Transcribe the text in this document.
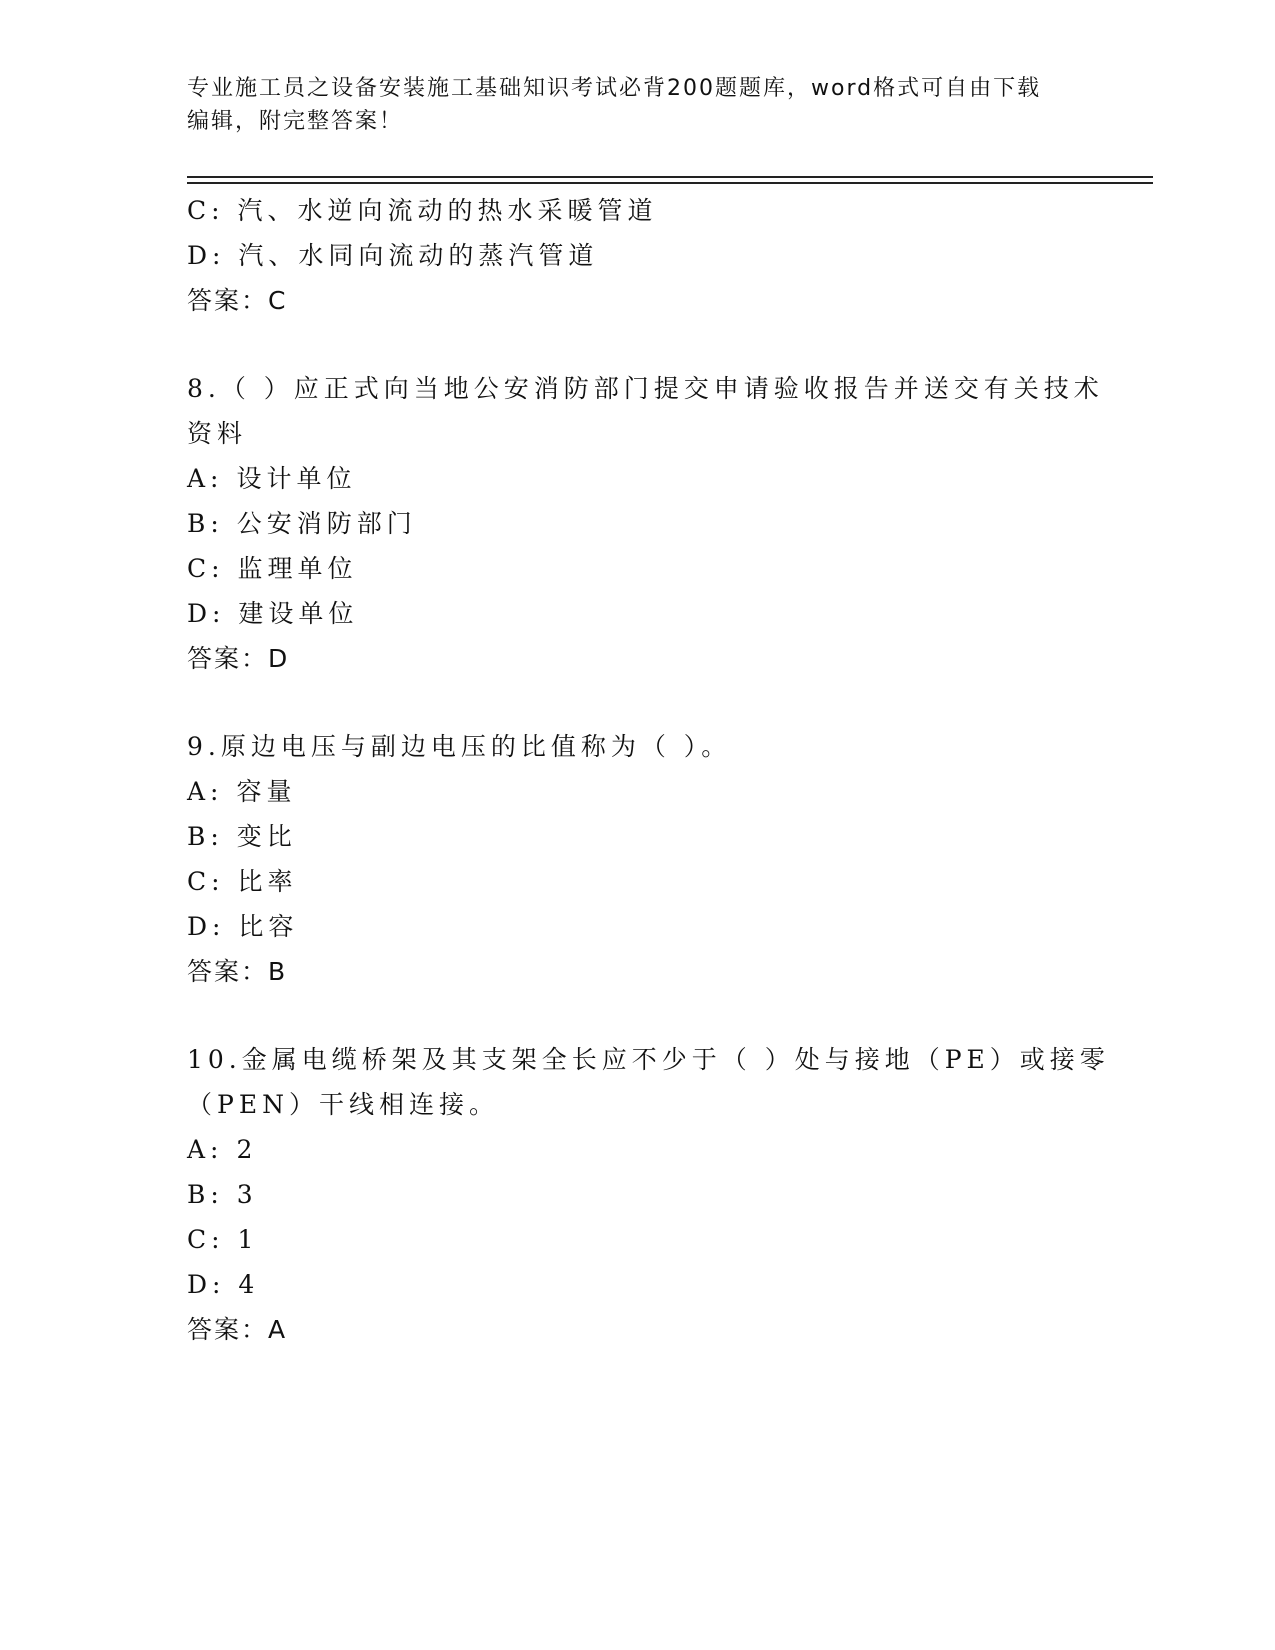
专业施工员之设备安装施工基础知识考试必背200题题库，word格式可自由下载
编辑，附完整答案！
C: 汽、水逆向流动的热水采暖管道
D: 汽、水同向流动的蒸汽管道
答案：C
8.（ ）应正式向当地公安消防部门提交申请验收报告并送交有关技术
资料
A: 设计单位
B: 公安消防部门
C: 监理单位
D: 建设单位
答案：D
9.原边电压与副边电压的比值称为（ ）。
A: 容量
B: 变比
C: 比率
D: 比容
答案：B
10.金属电缆桥架及其支架全长应不少于（ ）处与接地（PE）或接零
（PEN）干线相连接。
A: 2
B: 3
C: 1
D: 4
答案：A
